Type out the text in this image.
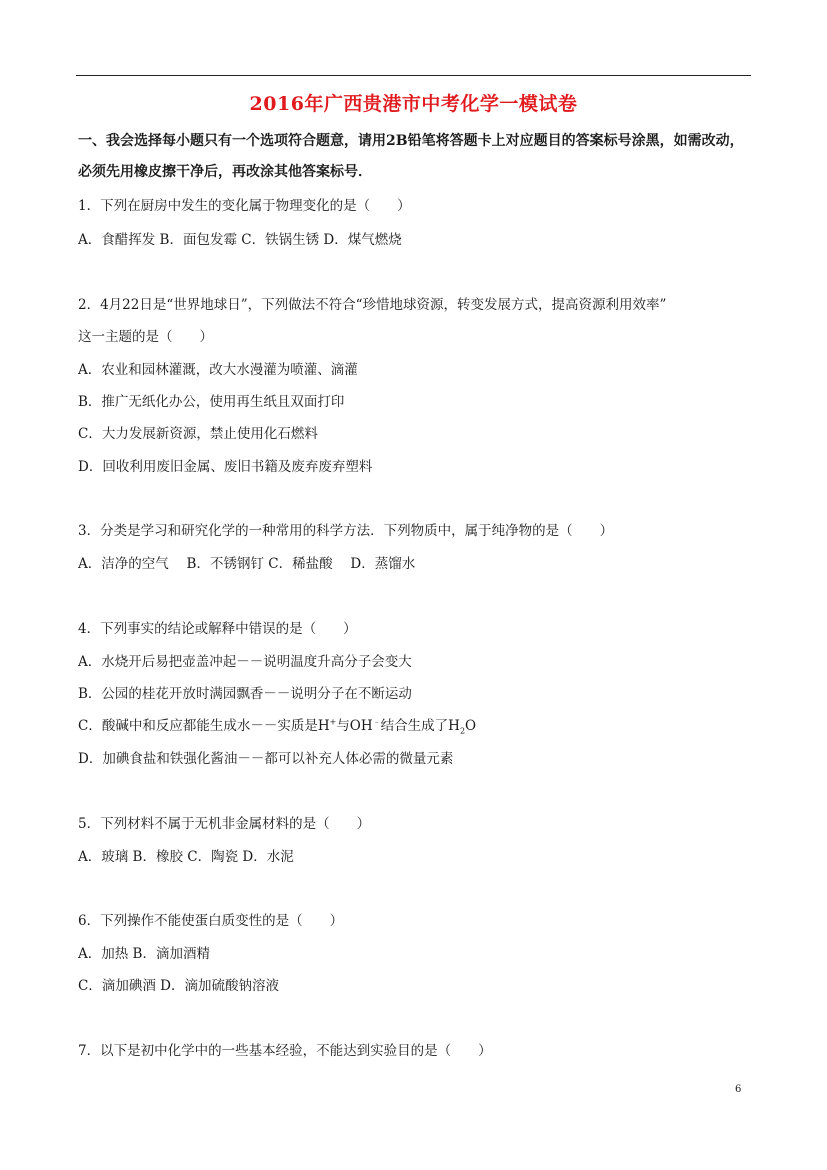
2016年广西贵港市中考化学一模试卷
一、我会选择每小题只有一个选项符合题意，请用2B铅笔将答题卡上对应题目的答案标号涂黑，如需改动，必须先用橡皮擦干净后，再改涂其他答案标号．
1．下列在厨房中发生的变化属于物理变化的是（　　）
A．食醋挥发 B．面包发霉 C．铁锅生锈 D．煤气燃烧
2．4月22日是“世界地球日”，下列做法不符合“珍惜地球资源，转变发展方式，提高资源利用效率”
这一主题的是（　　）
A．农业和园林灌溉，改大水漫灌为喷灌、滴灌
B．推广无纸化办公，使用再生纸且双面打印
C．大力发展新资源，禁止使用化石燃料
D．回收利用废旧金属、废旧书籍及废弃废弃塑料
3．分类是学习和研究化学的一种常用的科学方法．下列物质中，属于纯净物的是（　　）
A．洁净的空气　 B．不锈钢钉 C．稀盐酸　 D．蒸馏水
4．下列事实的结论或解释中错误的是（　　）
A．水烧开后易把壶盖冲起－－说明温度升高分子会变大
B．公园的桂花开放时满园飘香－－说明分子在不断运动
C．酸碱中和反应都能生成水－－实质是H+与OH﹣结合生成了$H_2O$
D．加碘食盐和铁强化酱油－－都可以补充人体必需的微量元素
5．下列材料不属于无机非金属材料的是（　　）
A．玻璃 B．橡胶 C．陶瓷 D．水泥
6．下列操作不能使蛋白质变性的是（　　）
A．加热 B．滴加酒精
C．滴加碘酒 D．滴加硫酸钠溶液
7．以下是初中化学中的一些基本经验，不能达到实验目的是（　　）
6
